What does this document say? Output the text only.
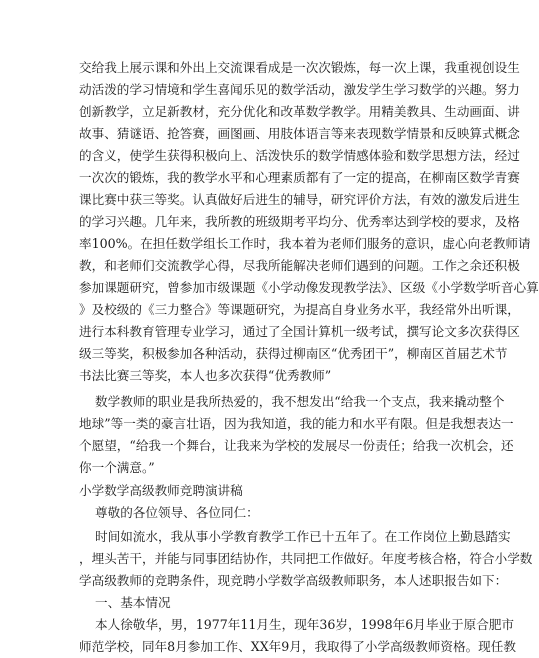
交给我上展示课和外出上交流课看成是一次次锻炼，每一次上课，我重视创设生
动活泼的学习情境和学生喜闻乐见的数学活动，激发学生学习数学的兴趣。努力
创新教学，立足新教材，充分优化和改革数学教学。用精美教具、生动画面、讲
故事、猜谜语、抢答赛，画图画、用肢体语言等来表现数学情景和反映算式概念
的含义，使学生获得积极向上、活泼快乐的数学情感体验和数学思想方法，经过
一次次的锻炼，我的教学水平和心理素质都有了一定的提高，在柳南区数学青赛
课比赛中获三等奖。认真做好后进生的辅导，研究评价方法，有效的激发后进生
的学习兴趣。几年来，我所教的班级期考平均分、优秀率达到学校的要求，及格
率100%。在担任数学组长工作时，我本着为老师们服务的意识，虚心向老教师请
教，和老师们交流教学心得，尽我所能解决老师们遇到的问题。工作之余还积极
参加课题研究，曾参加市级课题《小学动像发现教学法》、区级《小学数学听音心算
》及校级的《三力整合》等课题研究，为提高自身业务水平，我经常外出听课，
进行本科教育管理专业学习，通过了全国计算机一级考试，撰写论文多次获得区
级三等奖，积极参加各种活动，获得过柳南区“优秀团干”，柳南区首届艺术节
书法比赛三等奖，本人也多次获得“优秀教师”
数学教师的职业是我所热爱的，我不想发出“给我一个支点，我来撬动整个
地球”等一类的豪言壮语，因为我知道，我的能力和水平有限。但是我想表达一
个愿望，“给我一个舞台，让我来为学校的发展尽一份责任；给我一次机会，还
你一个满意。”
小学数学高级教师竞聘演讲稿
尊敬的各位领导、各位同仁：
时间如流水，我从事小学教育教学工作已十五年了。在工作岗位上勤恳踏实
，埋头苦干，并能与同事团结协作，共同把工作做好。年度考核合格，符合小学数
学高级教师的竞聘条件，现竞聘小学数学高级教师职务，本人述职报告如下：
一、基本情况
本人徐敬华，男，1977年11月生，现年36岁，1998年6月毕业于原合肥市
师范学校，同年8月参加工作、XX年9月，我取得了小学高级教师资格。现任教
